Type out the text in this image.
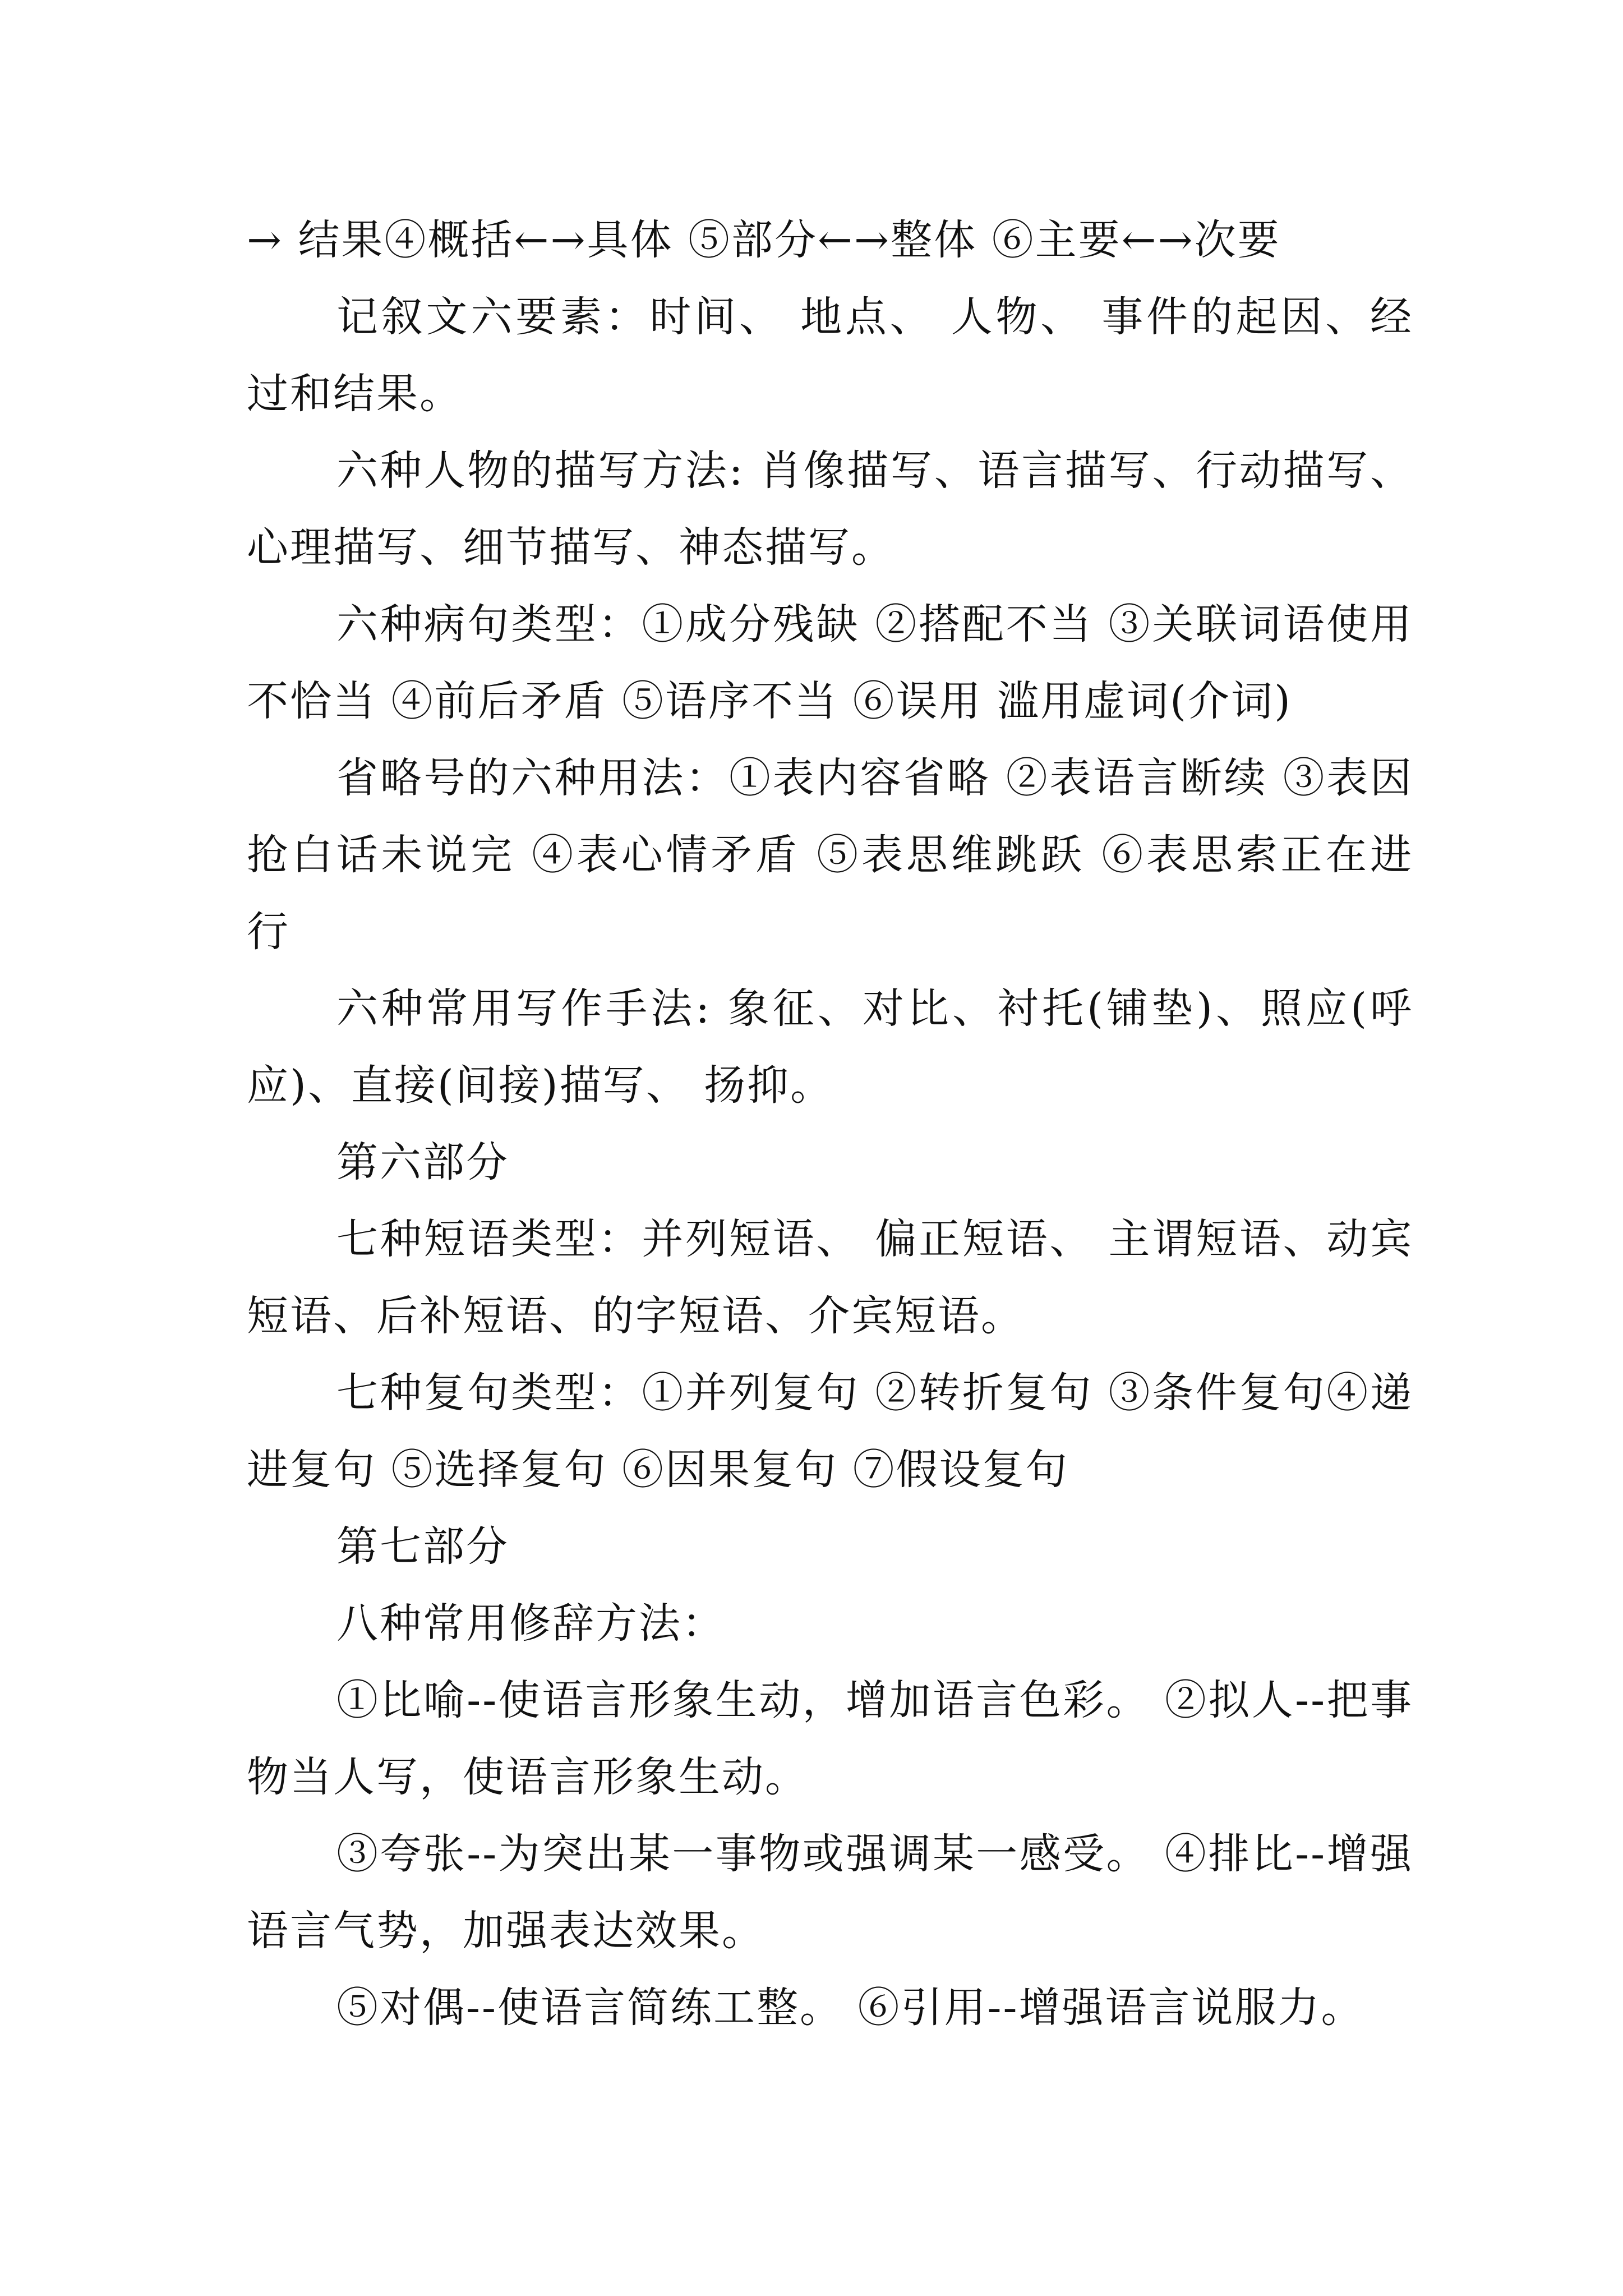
→ 结果④概括←→具体 ⑤部分←→整体 ⑥主要←→次要

记叙文六要素：时间、 地点、 人物、 事件的起因、经过和结果。

六种人物的描写方法: 肖像描写、语言描写、行动描写、心理描写、细节描写、神态描写。

六种病句类型：①成分残缺 ②搭配不当 ③关联词语使用不恰当 ④前后矛盾 ⑤语序不当 ⑥误用 滥用虚词(介词)

省略号的六种用法：①表内容省略 ②表语言断续 ③表因抢白话未说完 ④表心情矛盾 ⑤表思维跳跃 ⑥表思索正在进行

六种常用写作手法: 象征、对比、衬托(铺垫)、照应(呼应)、直接(间接)描写、 扬抑。

第六部分

七种短语类型：并列短语、 偏正短语、 主谓短语、动宾短语、后补短语、的字短语、介宾短语。

七种复句类型：①并列复句 ②转折复句 ③条件复句④递进复句 ⑤选择复句 ⑥因果复句 ⑦假设复句

第七部分

八种常用修辞方法：

①比喻--使语言形象生动，增加语言色彩。 ②拟人--把事物当人写，使语言形象生动。

③夸张--为突出某一事物或强调某一感受。 ④排比--增强语言气势，加强表达效果。

⑤对偶--使语言简练工整。 ⑥引用--增强语言说服力。
